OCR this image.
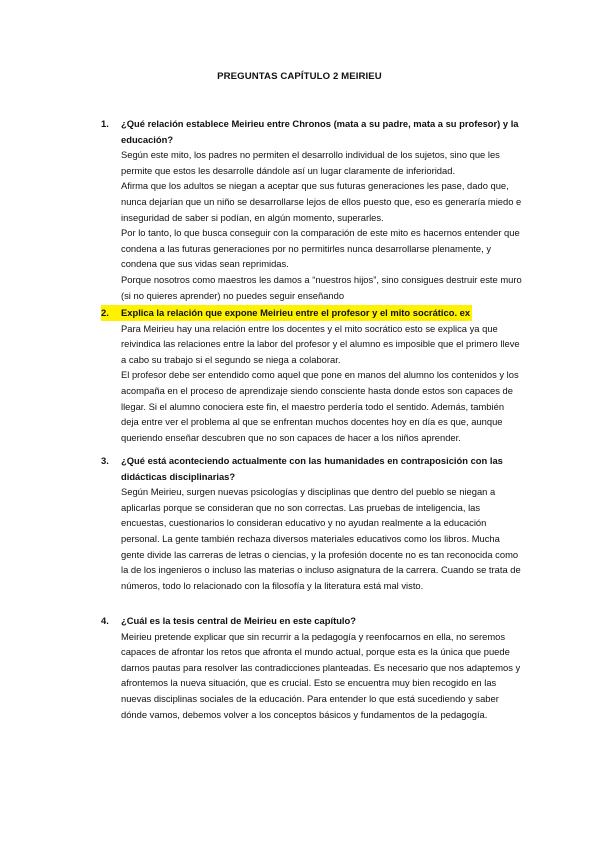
PREGUNTAS CAPÍTULO 2 MEIRIEU
1.	¿Qué relación establece Meirieu entre Chronos (mata a su padre, mata a su profesor) y la educación?

Según este mito, los padres no permiten el desarrollo individual de los sujetos, sino que les permite que estos les desarrolle dándole así un lugar claramente de inferioridad.

Afirma que los adultos se niegan a aceptar que sus futuras generaciones les pase, dado que, nunca dejarían que un niño se desarrollarse lejos de ellos puesto que, eso es generaría miedo e inseguridad de saber si podían, en algún momento, superarles.

Por lo tanto, lo que busca conseguir con la comparación de este mito es hacernos entender que condena a las futuras generaciones por no permitirles nunca desarrollarse plenamente, y condena que sus vidas sean reprimidas.

Porque nosotros como maestros les damos a “nuestros hijos”, sino consigues destruir este muro (si no quieres aprender) no puedes seguir enseñando

2.	Explica la relación que expone Meirieu entre el profesor y el mito socrático. ex

Para Meirieu hay una relación entre los docentes y el mito socrático esto se explica ya que reivindica las relaciones entre la labor del profesor y el alumno es imposible que el primero lleve a cabo su trabajo si el segundo se niega a colaborar.

El profesor debe ser entendido como aquel que pone en manos del alumno los contenidos y los acompaña en el proceso de aprendizaje siendo consciente hasta donde estos son capaces de llegar. Si el alumno conociera este fin, el maestro perdería todo el sentido. Además, también deja entre ver el problema al que se enfrentan muchos docentes hoy en día es que, aunque queriendo enseñar descubren que no son capaces de hacer a los niños aprender.

3.	¿Qué está aconteciendo actualmente con las humanidades en contraposición con las didácticas disciplinarias?

Según Meirieu, surgen nuevas psicologías y disciplinas que dentro del pueblo se niegan a aplicarlas porque se consideran que no son correctas. Las pruebas de inteligencia, las encuestas, cuestionarios lo consideran educativo y no ayudan realmente a la educación personal. La gente también rechaza diversos materiales educativos como los libros. Mucha gente divide las carreras de letras o ciencias, y la profesión docente no es tan reconocida como la de los ingenieros o incluso las materias o incluso asignatura de la carrera. Cuando se trata de números, todo lo relacionado con la filosofía y la literatura está mal visto.

4.	¿Cuál es la tesis central de Meirieu en este capítulo?

Meirieu pretende explicar que sin recurrir a la pedagogía y reenfocarnos en ella, no seremos capaces de afrontar los retos que afronta el mundo actual, porque esta es la única que puede darnos pautas para resolver las contradicciones planteadas. Es necesario que nos adaptemos y afrontemos la nueva situación, que es crucial. Esto se encuentra muy bien recogido en las nuevas disciplinas sociales de la educación. Para entender lo que está sucediendo y saber dónde vamos, debemos volver a los conceptos básicos y fundamentos de la pedagogía.
